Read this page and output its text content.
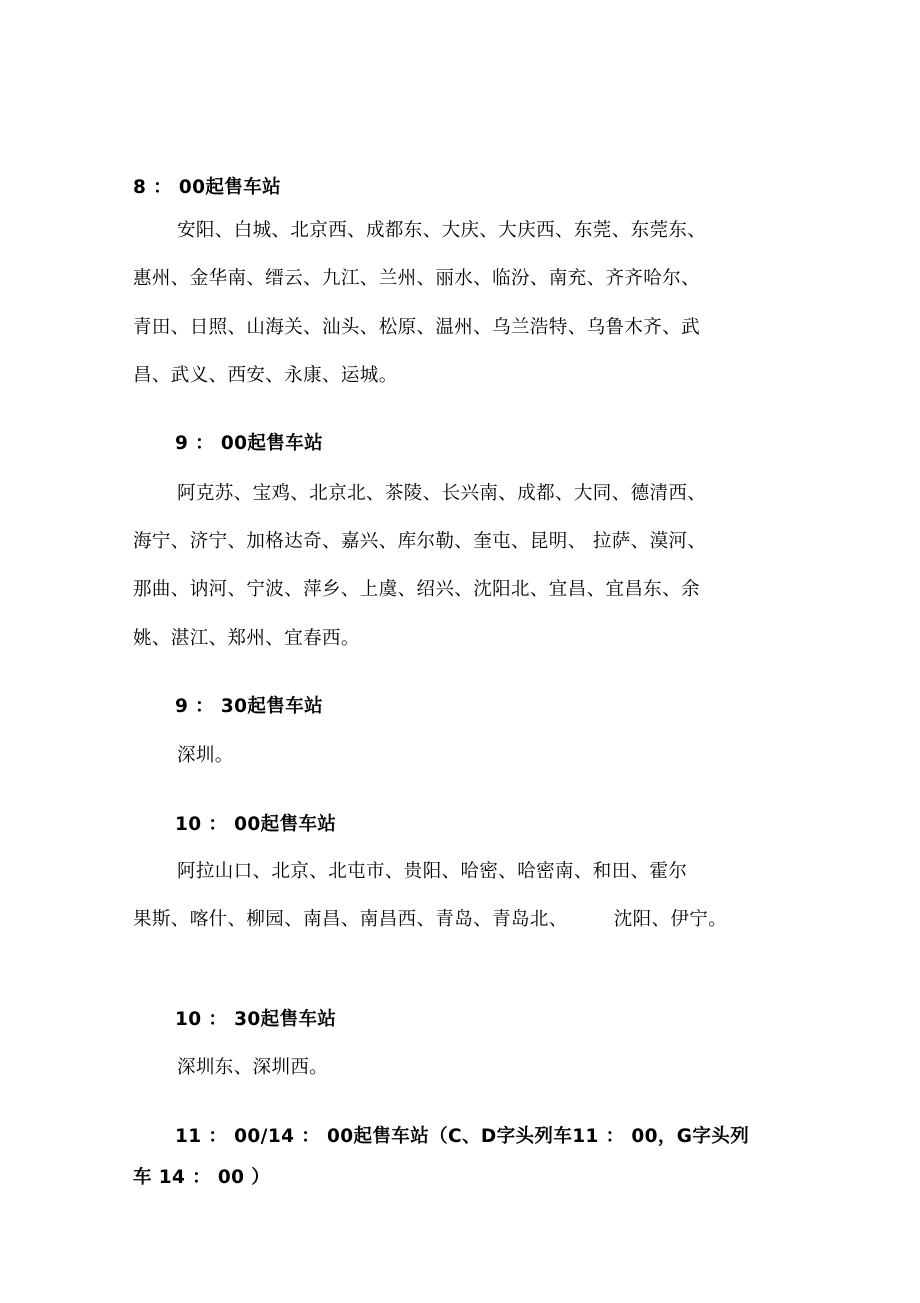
8 ： 00起售车站
安阳、白城、北京西、成都东、大庆、大庆西、东莞、东莞东、
惠州、金华南、缙云、九江、兰州、丽水、临汾、南充、齐齐哈尔、
青田、日照、山海关、汕头、松原、温州、乌兰浩特、乌鲁木齐、武
昌、武义、西安、永康、运城。
9 ： 00起售车站
阿克苏、宝鸡、北京北、茶陵、长兴南、成都、大同、德清西、
海宁、济宁、加格达奇、嘉兴、库尔勒、奎屯、昆明、 拉萨、漠河、
那曲、讷河、宁波、萍乡、上虞、绍兴、沈阳北、宜昌、宜昌东、余
姚、湛江、郑州、宜春西。
9 ： 30起售车站
深圳。
10 ： 00起售车站
阿拉山口、北京、北屯市、贵阳、哈密、哈密南、和田、霍尔
果斯、喀什、柳园、南昌、南昌西、青岛、青岛北、 沈阳、伊宁。
10 ： 30起售车站
深圳东、深圳西。
11 ： 00/14 ： 00起售车站（C、D字头列车11 ： 00，G字头列
车 14 ： 00 ）
